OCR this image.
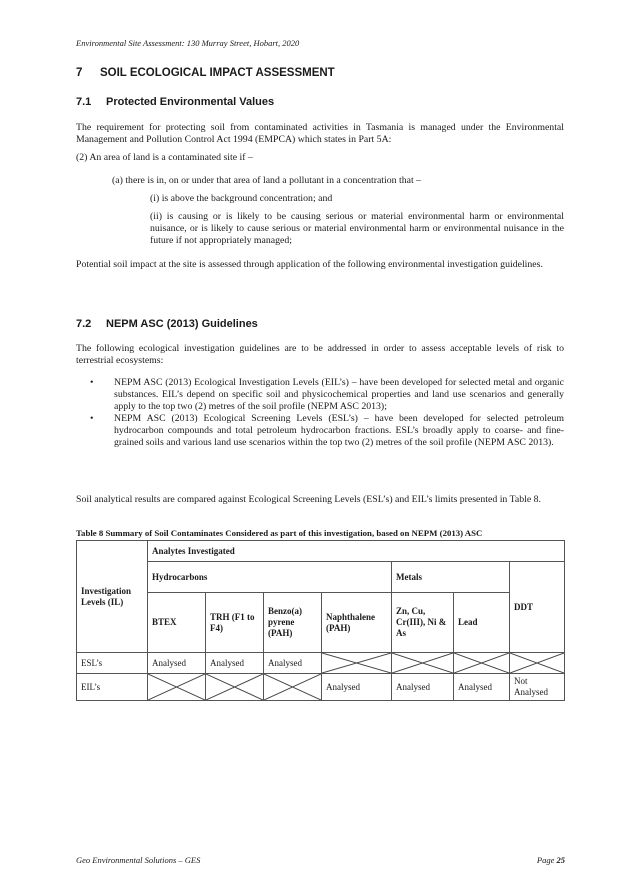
Environmental Site Assessment: 130 Murray Street, Hobart, 2020
7 SOIL ECOLOGICAL IMPACT ASSESSMENT
7.1 Protected Environmental Values

The requirement for protecting soil from contaminated activities in Tasmania is managed under the Environmental Management and Pollution Control Act 1994 (EMPCA) which states in Part 5A:

(2) An area of land is a contaminated site if –

(a) there is in, on or under that area of land a pollutant in a concentration that –

(i) is above the background concentration; and

(ii) is causing or is likely to be causing serious or material environmental harm or environmental nuisance, or is likely to cause serious or material environmental harm or environmental nuisance in the future if not appropriately managed;

Potential soil impact at the site is assessed through application of the following environmental investigation guidelines.

7.2 NEPM ASC (2013) Guidelines

The following ecological investigation guidelines are to be addressed in order to assess acceptable levels of risk to terrestrial ecosystems:

• NEPM ASC (2013) Ecological Investigation Levels (EIL’s) – have been developed for selected metal and organic substances. EIL’s depend on specific soil and physicochemical properties and land use scenarios and generally apply to the top two (2) metres of the soil profile (NEPM ASC 2013);
• NEPM ASC (2013) Ecological Screening Levels (ESL’s) – have been developed for selected petroleum hydrocarbon compounds and total petroleum hydrocarbon fractions. ESL’s broadly apply to coarse- and fine-grained soils and various land use scenarios within the top two (2) metres of the soil profile (NEPM ASC 2013).

Soil analytical results are compared against Ecological Screening Levels (ESL’s) and EIL’s limits presented in Table 8.

Table 8 Summary of Soil Contaminates Considered as part of this investigation, based on NEPM (2013) ASC
Investigation Levels (IL)	Analytes Investigated						
	Hydrocarbons				Metals		DDT
	BTEX	TRH (F1 to F4)	Benzo(a) pyrene (PAH)	Naphthalene (PAH)	Zn, Cu, Cr(III), Ni & As	Lead	
ESL’s	Analysed	Analysed	Analysed	

EIL’s				Analysed	Analysed	Analysed	Not Analysed
Geo Environmental Solutions – GES	Page 25
